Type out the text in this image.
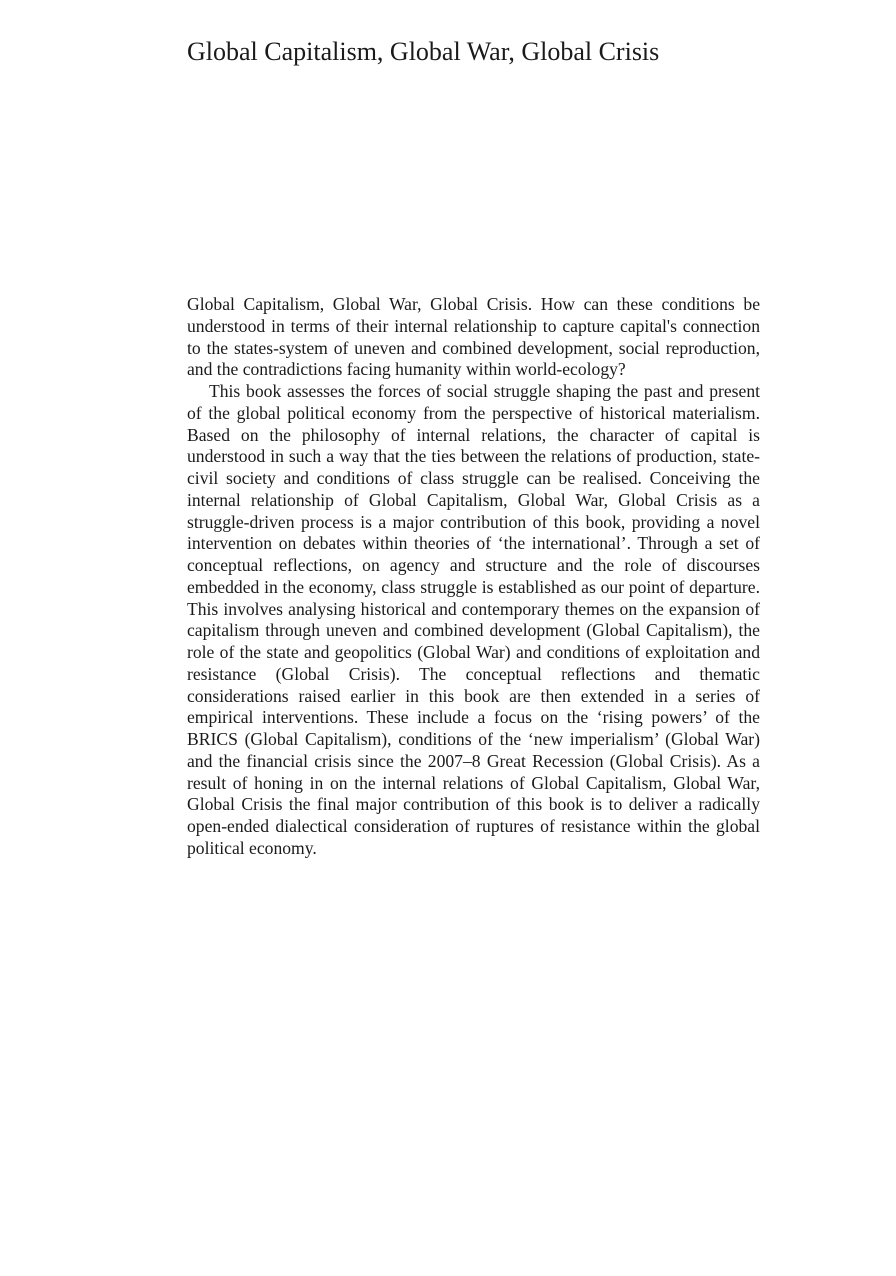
Global Capitalism, Global War, Global Crisis

Global Capitalism, Global War, Global Crisis. How can these conditions be understood in terms of their internal relationship to capture capital's connection to the states-system of uneven and combined development, social reproduction, and the contradictions facing humanity within world-ecology?

This book assesses the forces of social struggle shaping the past and present of the global political economy from the perspective of historical materialism. Based on the philosophy of internal relations, the character of capital is understood in such a way that the ties between the relations of production, state-civil society and conditions of class struggle can be realised. Conceiving the internal relationship of Global Capitalism, Global War, Global Crisis as a struggle-driven process is a major contribution of this book, providing a novel intervention on debates within theories of ‘the international’. Through a set of conceptual reflections, on agency and structure and the role of discourses embedded in the economy, class struggle is established as our point of departure. This involves analysing historical and contemporary themes on the expansion of capitalism through uneven and combined development (Global Capitalism), the role of the state and geopolitics (Global War) and conditions of exploitation and resistance (Global Crisis). The conceptual reflections and thematic considerations raised earlier in this book are then extended in a series of empirical interventions. These include a focus on the ‘rising powers’ of the BRICS (Global Capitalism), conditions of the ‘new imperialism’ (Global War) and the financial crisis since the 2007–8 Great Recession (Global Crisis). As a result of honing in on the internal relations of Global Capitalism, Global War, Global Crisis the final major contribution of this book is to deliver a radically open-ended dialectical consideration of ruptures of resistance within the global political economy.
